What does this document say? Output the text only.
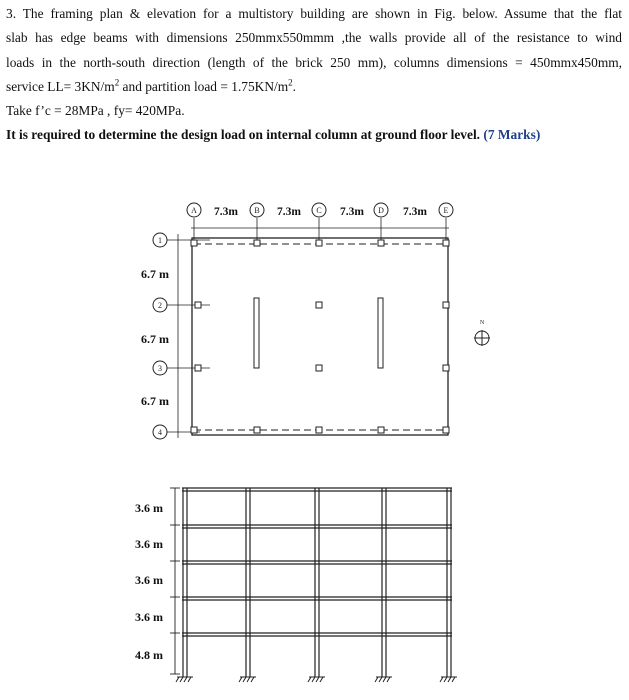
3. The framing plan & elevation for a multistory building are shown in Fig. below. Assume that the flat

slab has edge beams with dimensions 250mmx550mmm ,the walls provide all of the resistance to wind

loads in the north-south direction (length of the brick 250 mm), columns dimensions = 450mmx450mm,

service $LL= 3KN/m^2$ and partition load = $1.75KN/m^2$.

Take f’c = 28MPa , fy= 420MPa.

It is required to determine the design load on internal column at ground floor level. (7 Marks)

A	B	C	D	E
7.3m	7.3m	7.3m	7.3m
1
2
3
4
6.7 m
6.7 m
6.7 m
N
3.6 m
3.6 m
3.6 m
3.6 m
4.8 m
